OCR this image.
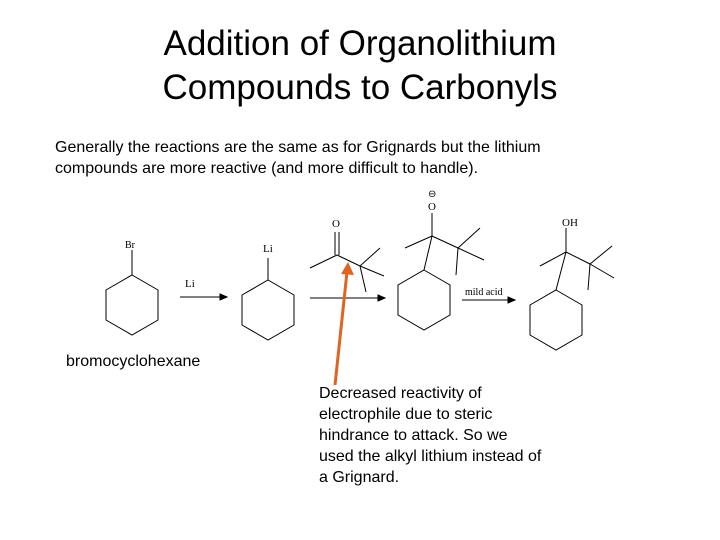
Addition of Organolithium
Compounds to Carbonyls
Generally the reactions are the same as for Grignards but the lithium
compounds are more reactive (and more difficult to handle).
Br
Li
Li
O
⊖
O
OH
mild acid
bromocyclohexane
Decreased reactivity of
electrophile due to steric
hindrance to attack. So we
used the alkyl lithium instead of
a Grignard.
